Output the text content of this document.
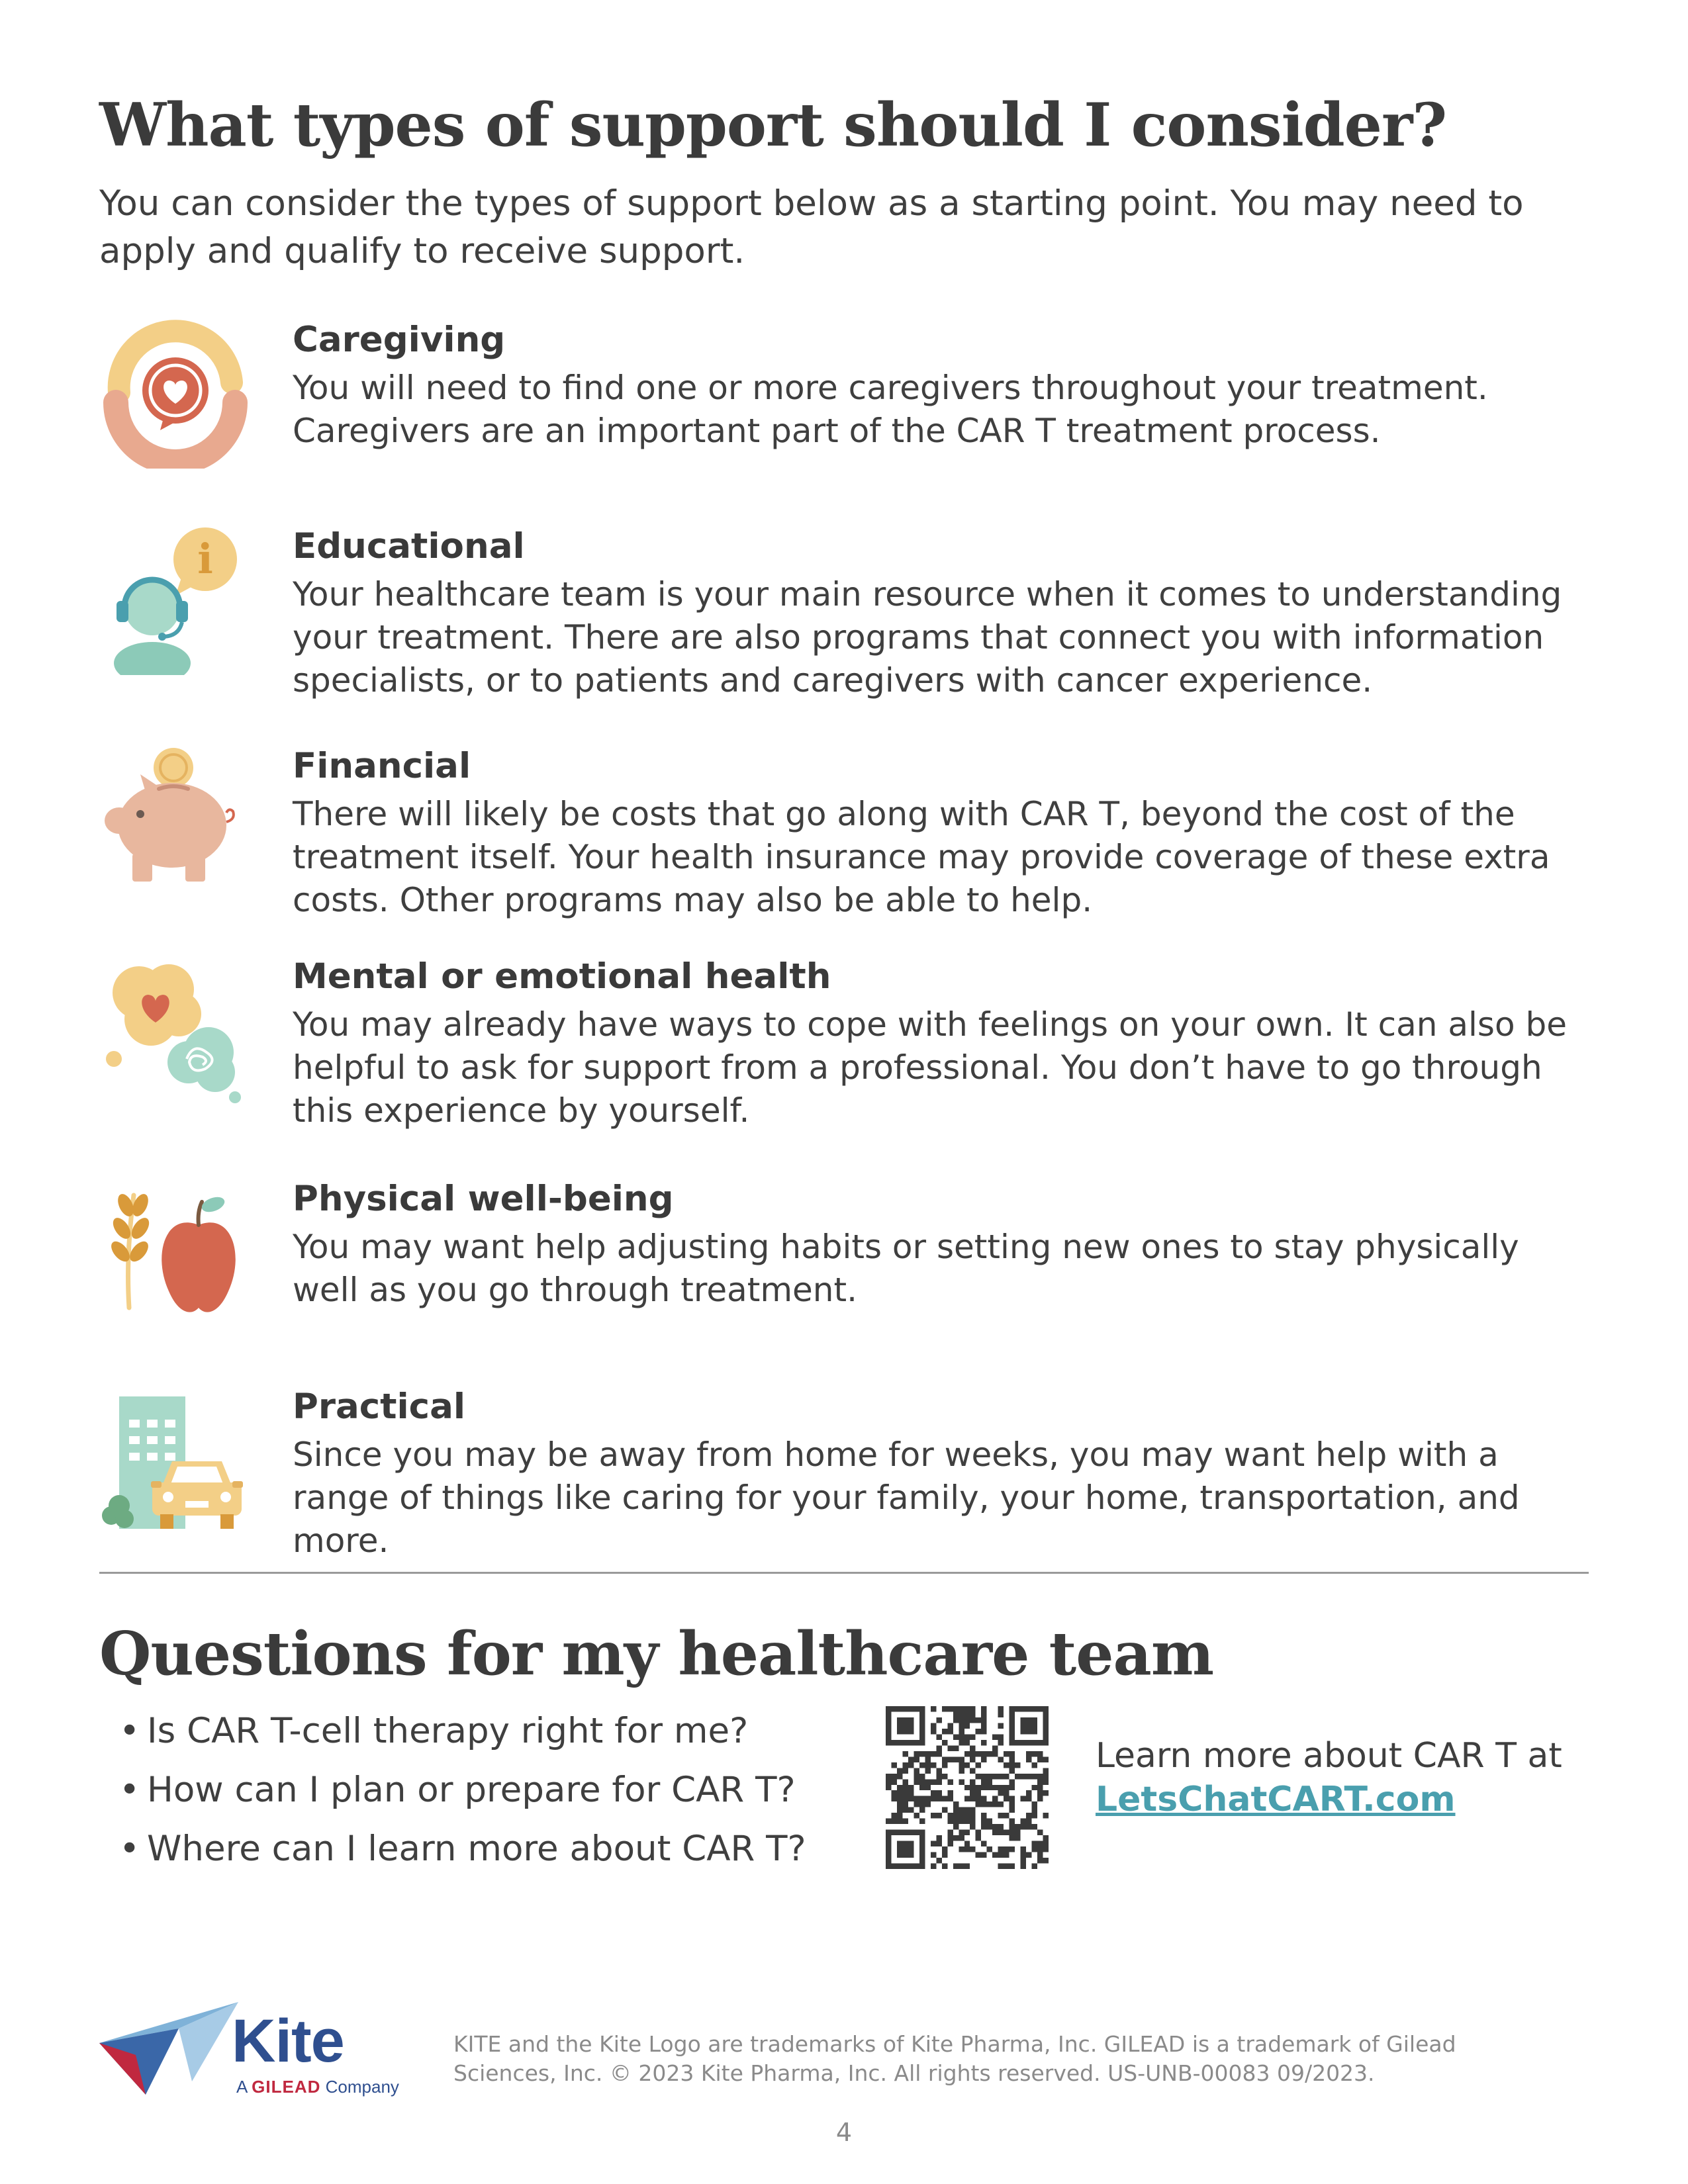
What types of support should I consider?

You can consider the types of support below as a starting point. You may need to apply and qualify to receive support.

Caregiving

You will need to find one or more caregivers throughout your treatment. Caregivers are an important part of the CAR T treatment process.

i Educational

Your healthcare team is your main resource when it comes to understanding your treatment. There are also programs that connect you with information specialists, or to patients and caregivers with cancer experience.

Financial

There will likely be costs that go along with CAR T, beyond the cost of the treatment itself. Your health insurance may provide coverage of these extra costs. Other programs may also be able to help.

Mental or emotional health

You may already have ways to cope with feelings on your own. It can also be helpful to ask for support from a professional. You don’t have to go through this experience by yourself.

Physical well-being

You may want help adjusting habits or setting new ones to stay physically well as you go through treatment.

Practical

Since you may be away from home for weeks, you may want help with a range of things like caring for your family, your home, transportation, and more.

Questions for my healthcare team
• Is CAR T-cell therapy right for me?
• How can I plan or prepare for CAR T?
• Where can I learn more about CAR T?
Learn more about CAR T at
LetsChatCART.com
Kite
A GILEAD Company
KITE and the Kite Logo are trademarks of Kite Pharma, Inc. GILEAD is a trademark of Gilead Sciences, Inc. © 2023 Kite Pharma, Inc. All rights reserved. US-UNB-00083 09/2023.
4
